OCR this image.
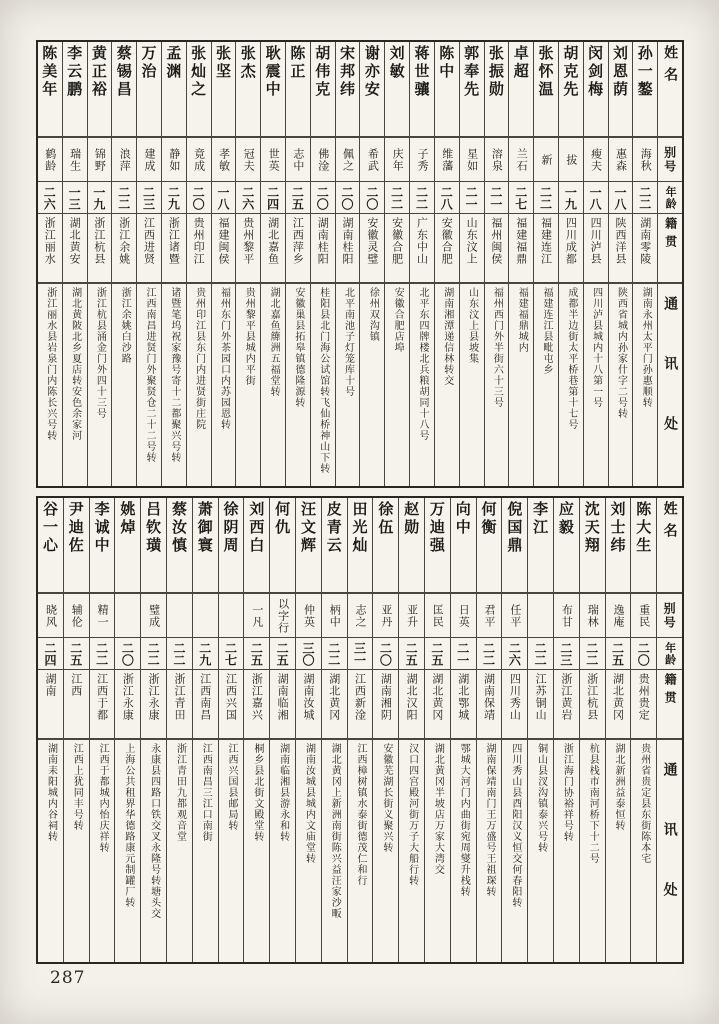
姓名
别号
年龄
籍贯
通讯处
孙一鏊
海秋
二二
湖南零陵
湖南永州太平门孙惠顺转
刘恩荫
惠森
一八
陕西洋县
陕西省城内孙家什字二号转
闵剑梅
瘦夫
一八
四川泸县
四川泸县城内十八第一号
胡克先
拔
一九
四川成都
成都半边街太平桥巷第十七号
张怀温
新
二二
福建连江
福建连江县毗屯乡
卓超
兰石
二七
福建福鼎
福建福鼎城内
张振勋
溶泉
二一
福州闽侯
福州西门外半街六十三号
郭奉先
星如
二一
山东汶上
山东汶上县坡集
陈中
维藩
二八
安徽合肥
湖南湘潭递信林转交
蒋世骧
子秀
二二
广东中山
北平东四牌楼北兵粮胡同十八号
刘敏
庆年
二二
安徽合肥
安徽合肥店埠
谢亦安
希武
二〇
安徽灵璧
徐州双沟镇
宋邦纬
佩之
二〇
湖南桂阳
北平南池子灯笼库十号
胡伟克
佛淦
二〇
湖南桂阳
桂阳县北门海公试馆转飞仙桥神山下转
陈正
志中
二五
江西萍乡
安徽巢县拓皋镇德隆源转
耿震中
世英
二四
湖北嘉鱼
湖北嘉鱼簰洲五福堂转
张杰
冠夫
二六
贵州黎平
贵州黎平县城内平街
张坚
孝敏
一八
福建闽侯
福州东门外茶园口内苏园恩转
张灿之
竟成
二〇
贵州印江
贵州印江县东门内进贤街庄院
孟渊
静如
二九
浙江诸暨
诸暨笔坞祝家豫号寄十二都聚兴号转
万治
建成
二三
江西进贤
江西南昌进贤门外聚贤仓二十二号转
蔡锡昌
浪萍
二二
浙江余姚
浙江余姚白沙路
黄正裕
锦野
一九
浙江杭县
浙江杭县涌金门外四十三号
李云鹏
瑞生
一三
湖北黄安
湖北黄陂北乡夏店转安色余家河
陈美年
鹤龄
二六
浙江丽水
浙江丽水县岩泉门内陈长兴号转
姓名
别号
年龄
籍贯
通讯处
陈大生
重民
二〇
贵州贵定
贵州省贵定县东街陈本宅
刘士纬
逸庵
二五
湖北黄冈
湖北新洲益泰恒转
沈天翔
瑞林
二二
浙江杭县
杭县栈市南河桥下十二号
应毅
布甘
二三
浙江黄岩
浙江海门协裕祥号转
李江
二二
江苏铜山
铜山县汊沟镇泰兴号转
倪国鼎
任平
二六
四川秀山
四川秀山县酉阳汉义恒交何春阳转
何衡
君平
二二
湖南保靖
湖南保靖南门王万盛号王祖琛转
向中
日英
二一
湖北鄂城
鄂城大河门内曲街宛周燮升栈转
万迪强
匡民
二五
湖北黄冈
湖北黄冈半坡店万家大湾交
赵勋
亚升
二五
湖北汉阳
汉口四宫殿河街万子大船行转
徐伍
亚丹
二〇
湖南湘阴
安徽芜湖长街义聚兴转
田光灿
志之
三一
江西新淦
江西樟树镇水泰街德茂仁和行
皮青云
柄中
二二
湖北黄冈
湖北黄冈上新洲南街陈兴益汪家沙畈
汪文辉
仲英
三〇
湖南汝城
湖南汝城县城内文庙堂转
何仇
以字行
二五
湖南临湘
湖南临湘县游永和转
刘西白
一凡
二五
浙江嘉兴
桐乡县北街文殿堂转
徐阴周
二七
江西兴国
江西兴国县邮局转
萧御寰
二九
江西南昌
江西南昌三江口南街
蔡汝慎
二二
浙江青田
浙江青田九都观音堂
吕钦璜
璧成
二二
浙江永康
永康县四路口铁交叉永隆号转塘头交
姚焯
二〇
浙江永康
上海公共租界华德路康元制罐厂转
李诚中
精一
二二
江西于都
江西于都城内怡庆祥转
尹迪佐
辅伦
二五
江西
江西上犹同丰号转
谷一心
晓风
二四
湖南
湖南耒阳城内谷祠转
287
